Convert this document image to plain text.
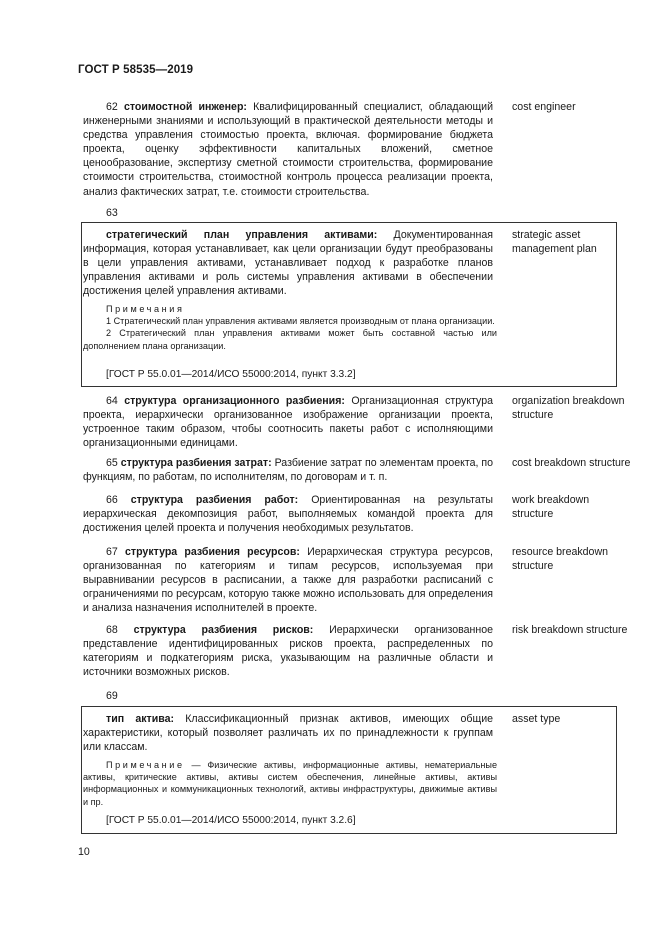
ГОСТ Р 58535—2019

62 стоимостной инженер: Квалифицированный специалист, обладающий инженерными знаниями и использующий в практической деятельности методы и средства управления стоимостью проекта, включая. формирование бюджета проекта, оценку эффективности капитальных вложений, сметное ценообразование, экспертизу сметной стоимости строительства, формирование стоимости строительства, стоимостной контроль процесса реализации проекта, анализ фактических затрат, т.е. стоимости строительства.

cost engineer
63

стратегический план управления активами: Документированная информация, которая устанавливает, как цели организации будут преобразованы в цели управления активами, устанавливает подход к разработке планов управления активами и роль системы управления активами в обеспечении достижения целей управления активами.

strategic asset management plan

Примечания

1 Стратегический план управления активами является производным от плана организации.

2 Стратегический план управления активами может быть составной частью или дополнением плана организации.

[ГОСТ Р 55.0.01—2014/ИСО 55000:2014, пункт 3.3.2]

64 структура организационного разбиения: Организационная структура проекта, иерархически организованное изображение организации проекта, устроенное таким образом, чтобы соотносить пакеты работ с исполняющими организационными единицами.

organization breakdown structure

65 структура разбиения затрат: Разбиение затрат по элементам проекта, по функциям, по работам, по исполнителям, по договорам и т. п.

cost breakdown structure

66 структура разбиения работ: Ориентированная на результаты иерархическая декомпозиция работ, выполняемых командой проекта для достижения целей проекта и получения необходимых результатов.

work breakdown structure

67 структура разбиения ресурсов: Иерархическая структура ресурсов, организованная по категориям и типам ресурсов, используемая при выравнивании ресурсов в расписании, а также для разработки расписаний с ограничениями по ресурсам, которую также можно использовать для определения и анализа назначения исполнителей в проекте.

resource breakdown structure

68 структура разбиения рисков: Иерархически организованное представление идентифицированных рисков проекта, распределенных по категориям и подкатегориям риска, указывающим на различные области и источники возможных рисков.

risk breakdown structure
69

тип актива: Классификационный признак активов, имеющих общие характеристики, который позволяет различать их по принадлежности к группам или классам.

asset type

Примечание — Физические активы, информационные активы, нематериальные активы, критические активы, активы систем обеспечения, линейные активы, активы информационных и коммуникационных технологий, активы инфраструктуры, движимые активы и пр.

[ГОСТ Р 55.0.01—2014/ИСО 55000:2014, пункт 3.2.6]
10
